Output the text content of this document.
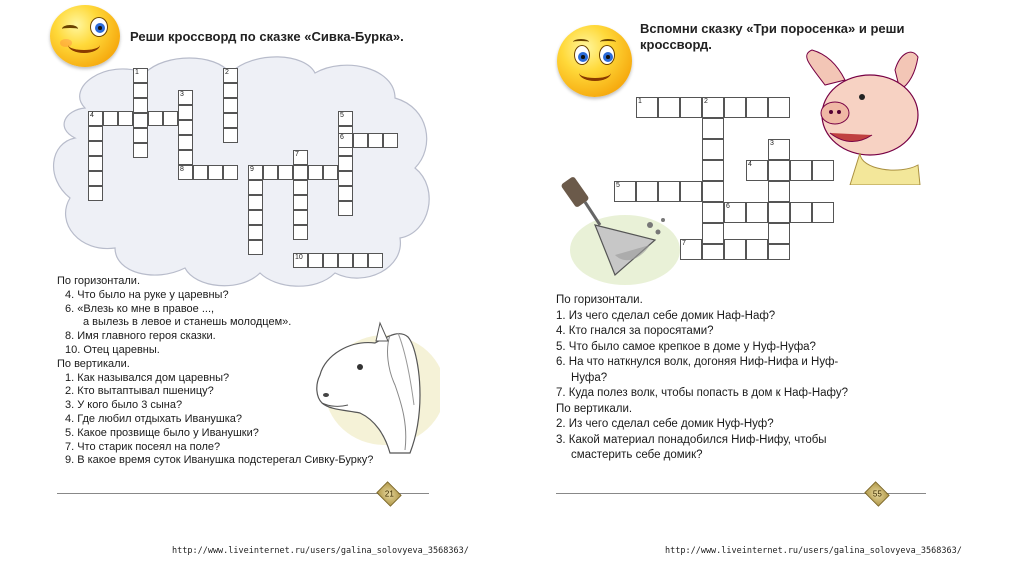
Реши кроссворд по сказке «Сивка-Бурка».
1	2
3
4	5
6
7
8	9
10
По горизонтали.
4. Что было на руке у царевны?
6. «Влезь ко мне в правое ...,
а вылезь в левое и станешь молодцем».
8. Имя главного героя сказки.
10. Отец царевны.
По вертикали.
1. Как назывался дом царевны?
2. Кто вытаптывал пшеницу?
3. У кого было 3 сына?
4. Где любил отдыхать Иванушка?
5. Какое прозвище было у Иванушки?
7. Что старик посеял на поле?
9. В какое время суток Иванушка подстерегал Сивку-Бурку?
21
http://www.liveinternet.ru/users/galina_solovyeva_3568363/
Вспомни сказку «Три поросенка» и реши
кроссворд.
1	2
3
4
5
6
7
По горизонтали.
1. Из чего сделал себе домик Наф-Наф?
4. Кто гнался за поросятами?
5. Что было самое крепкое в доме у Нуф-Нуфа?
6. На что наткнулся волк, догоняя Ниф-Нифа и Нуф-
Нуфа?
7. Куда полез волк, чтобы попасть в дом к Наф-Нафу?
По вертикали.
2. Из чего сделал себе домик Нуф-Нуф?
3. Какой материал понадобился Ниф-Нифу, чтобы
смастерить себе домик?
55
http://www.liveinternet.ru/users/galina_solovyeva_3568363/
